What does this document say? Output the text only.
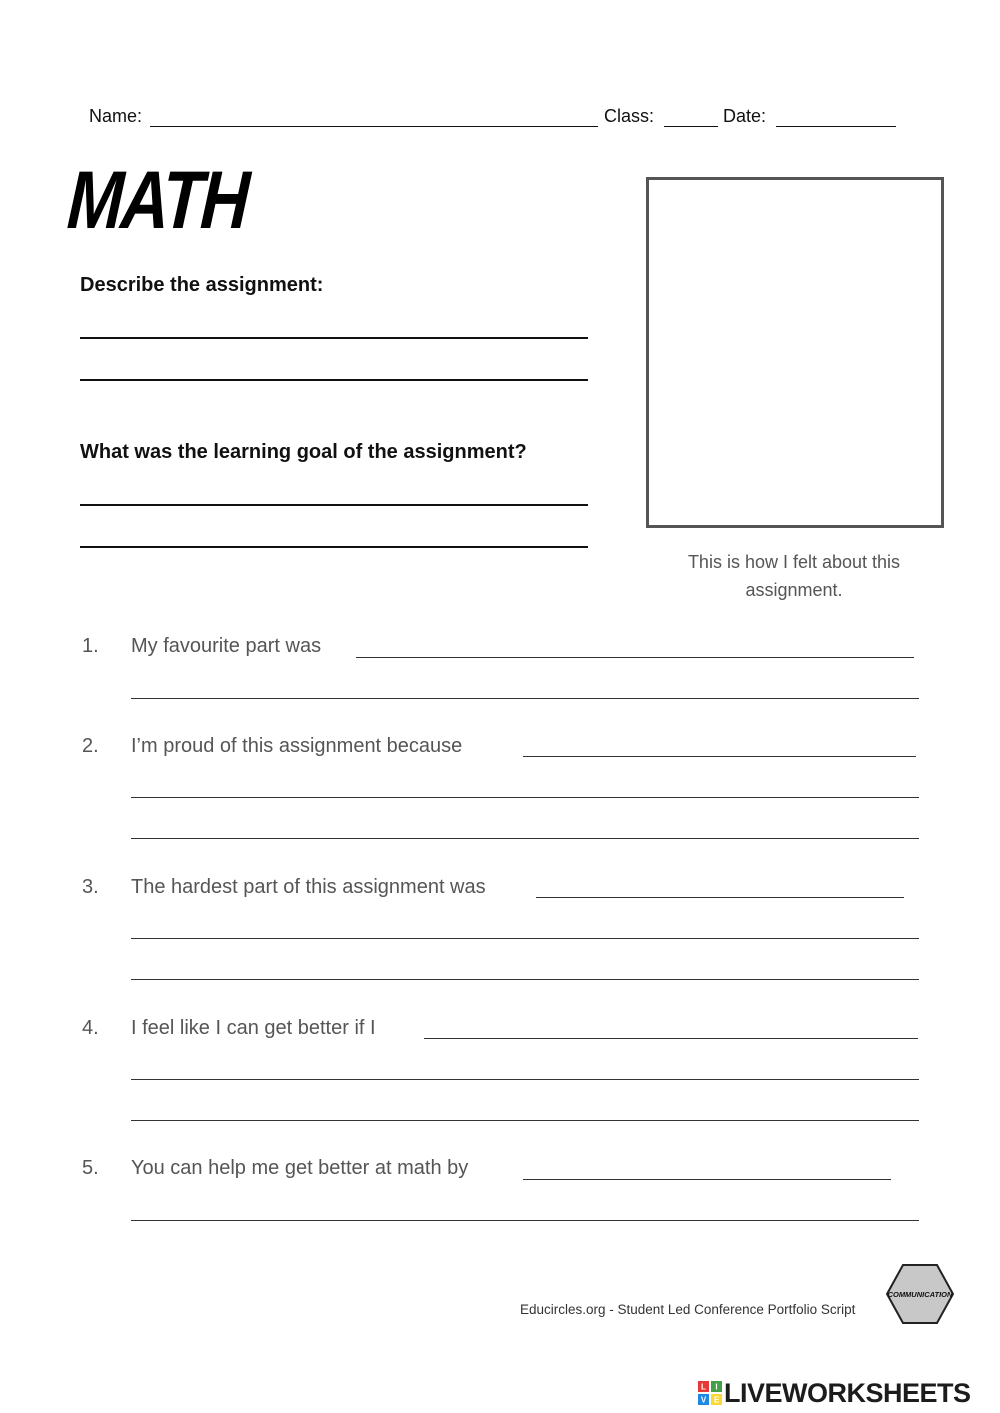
Name:	Class:	Date:
MATH
Describe the assignment:
What was the learning goal of the assignment?
This is how I felt about this assignment.
1. My favourite part was
2. I’m proud of this assignment because
3. The hardest part of this assignment was
4. I feel like I can get better if I
5. You can help me get better at math by
Educircles.org - Student Led Conference Portfolio Script
COMMUNICATION
L I
V E LIVEWORKSHEETS
